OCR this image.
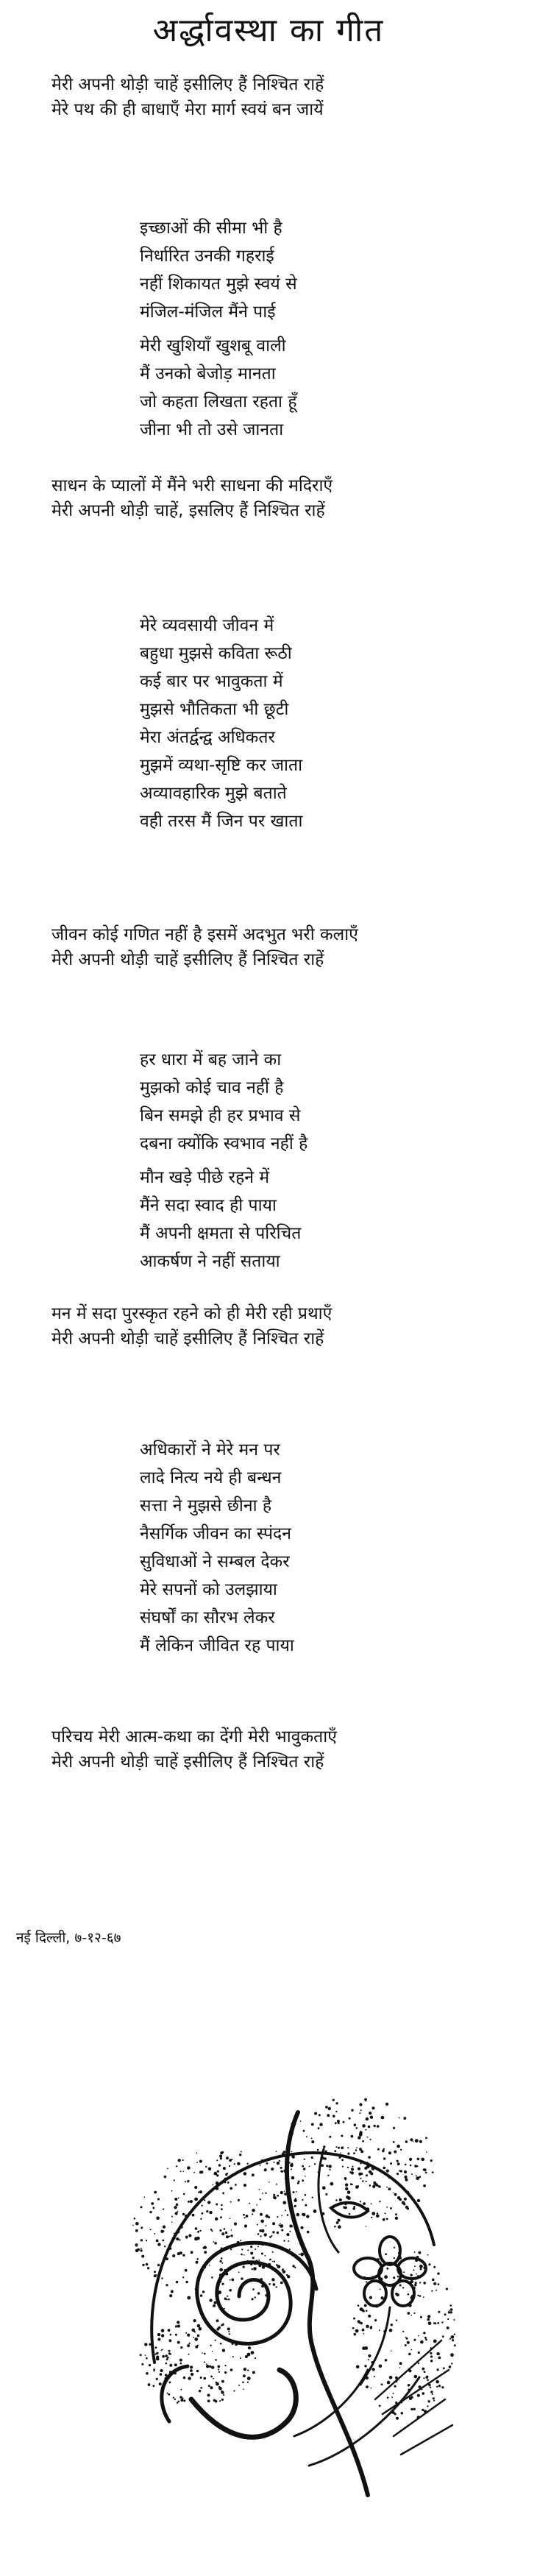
अर्द्धावस्था का गीत
मेरी अपनी थोड़ी चाहें इसीलिए हैं निश्चित राहें
मेरे पथ की ही बाधाएँ मेरा मार्ग स्वयं बन जायें
इच्छाओं की सीमा भी है
निर्धारित उनकी गहराई
नहीं शिकायत मुझे स्वयं से
मंजिल-मंजिल मैंने पाई
मेरी खुशियाँ खुशबू वाली
मैं उनको बेजोड़ मानता
जो कहता लिखता रहता हूँ
जीना भी तो उसे जानता
साधन के प्यालों में मैंने भरी साधना की मदिराएँ
मेरी अपनी थोड़ी चाहें, इसलिए हैं निश्चित राहें
मेरे व्यवसायी जीवन में
बहुधा मुझसे कविता रूठी
कई बार पर भावुकता में
मुझसे भौतिकता भी छूटी
मेरा अंतर्द्वन्द्व अधिकतर
मुझमें व्यथा-सृष्टि कर जाता
अव्यावहारिक मुझे बताते
वही तरस मैं जिन पर खाता
जीवन कोई गणित नहीं है इसमें अदभुत भरी कलाएँ
मेरी अपनी थोड़ी चाहें इसीलिए हैं निश्चित राहें
हर धारा में बह जाने का
मुझको कोई चाव नहीं है
बिन समझे ही हर प्रभाव से
दबना क्योंकि स्वभाव नहीं है
मौन खड़े पीछे रहने में
मैंने सदा स्वाद ही पाया
मैं अपनी क्षमता से परिचित
आकर्षण ने नहीं सताया
मन में सदा पुरस्कृत रहने को ही मेरी रही प्रथाएँ
मेरी अपनी थोड़ी चाहें इसीलिए हैं निश्चित राहें
अधिकारों ने मेरे मन पर
लादे नित्य नये ही बन्धन
सत्ता ने मुझसे छीना है
नैसर्गिक जीवन का स्पंदन
सुविधाओं ने सम्बल देकर
मेरे सपनों को उलझाया
संघर्षों का सौरभ लेकर
मैं लेकिन जीवित रह पाया
परिचय मेरी आत्म-कथा का देंगी मेरी भावुकताएँ
मेरी अपनी थोड़ी चाहें इसीलिए हैं निश्चित राहें
नई दिल्ली, ७-१२-६७
